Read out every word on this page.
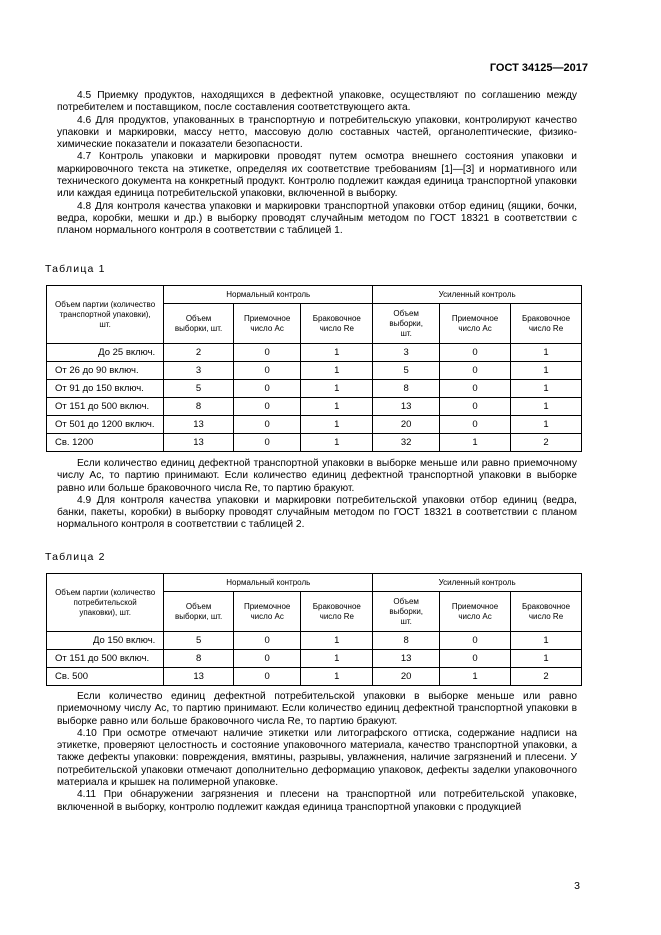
ГОСТ 34125—2017

4.5 Приемку продуктов, находящихся в дефектной упаковке, осуществляют по соглашению между потребителем и поставщиком, после составления соответствующего акта.

4.6 Для продуктов, упакованных в транспортную и потребительскую упаковки, контролируют качество упаковки и маркировки, массу нетто, массовую долю составных частей, органолептические, физико-химические показатели и показатели безопасности.

4.7 Контроль упаковки и маркировки проводят путем осмотра внешнего состояния упаковки и маркировочного текста на этикетке, определяя их соответствие требованиям [1]—[3] и нормативного или технического документа на конкретный продукт. Контролю подлежит каждая единица транспортной упаковки или каждая единица потребительской упаковки, включенной в выборку.

4.8 Для контроля качества упаковки и маркировки транспортной упаковки отбор единиц (ящики, бочки, ведра, коробки, мешки и др.) в выборку проводят случайным методом по ГОСТ 18321 в соответствии с планом нормального контроля в соответствии с таблицей 1.

Таблица 1
Объем партии (количество транспортной упаковки), шт.	Нормальный контроль			Усиленный контроль		
	Объем выборки, шт.	Приемочное число Ас	Браковочное число Re	Объем выборки, шт.	Приемочное число Ас	Браковочное число Re
До 25 включ.	2	0	1	3	0	1
От 26 до 90 включ.	3	0	1	5	0	1
От 91 до 150 включ.	5	0	1	8	0	1
От 151 до 500 включ.	8	0	1	13	0	1
От 501 до 1200 включ.	13	0	1	20	0	1
Св. 1200	13	0	1	32	1	2

Если количество единиц дефектной транспортной упаковки в выборке меньше или равно приемочному числу Ас, то партию принимают. Если количество единиц дефектной транспортной упаковки в выборке равно или больше браковочного числа Re, то партию бракуют.

4.9 Для контроля качества упаковки и маркировки потребительской упаковки отбор единиц (ведра, банки, пакеты, коробки) в выборку проводят случайным методом по ГОСТ 18321 в соответствии с планом нормального контроля в соответствии с таблицей 2.

Таблица 2
Объем партии (количество потребительской упаковки), шт.	Нормальный контроль			Усиленный контроль		
	Объем выборки, шт.	Приемочное число Ас	Браковочное число Re	Объем выборки, шт.	Приемочное число Ас	Браковочное число Re
До 150 включ.	5	0	1	8	0	1
От 151 до 500 включ.	8	0	1	13	0	1
Св. 500	13	0	1	20	1	2

Если количество единиц дефектной потребительской упаковки в выборке меньше или равно приемочному числу Ас, то партию принимают. Если количество единиц дефектной транспортной упаковки в выборке равно или больше браковочного числа Re, то партию бракуют.

4.10 При осмотре отмечают наличие этикетки или литографского оттиска, содержание надписи на этикетке, проверяют целостность и состояние упаковочного материала, качество транспортной упаковки, а также дефекты упаковки: повреждения, вмятины, разрывы, увлажнения, наличие загрязнений и плесени. У потребительской упаковки отмечают дополнительно деформацию упаковок, дефекты заделки упаковочного материала и крышек на полимерной упаковке.

4.11 При обнаружении загрязнения и плесени на транспортной или потребительской упаковке, включенной в выборку, контролю подлежит каждая единица транспортной упаковки с продукцией

3
